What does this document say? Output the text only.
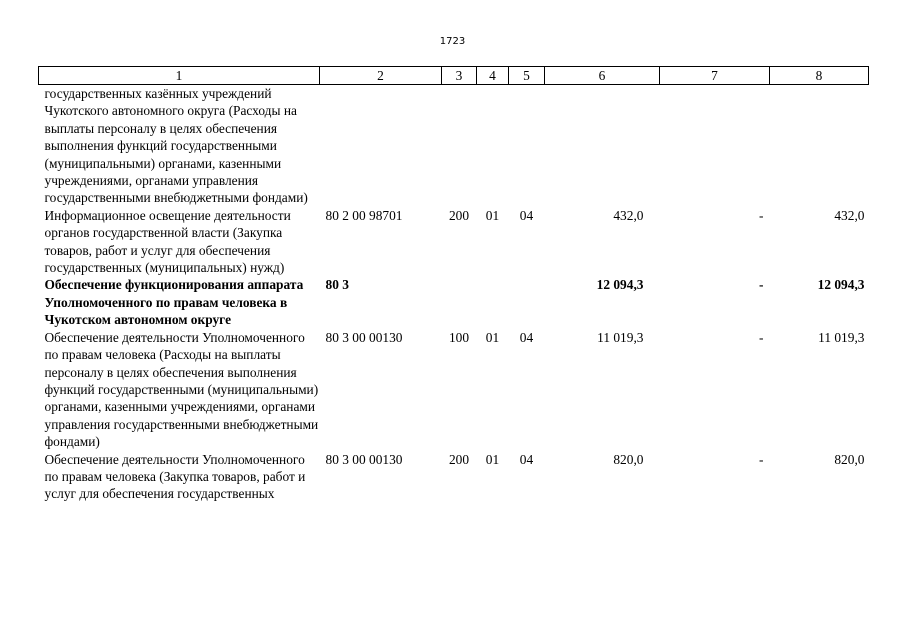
1723
1	2	3	4	5	6	7	8
государственных казённых учреждений Чукотского автономного округа (Расходы на выплаты персоналу в целях обеспечения выполнения функций государственными (муниципальными) органами, казенными учреждениями, органами управления государственными внебюджетными фондами)							
Информационное освещение деятельности органов государственной власти (Закупка товаров, работ и услуг для обеспечения государственных (муниципальных) нужд)	80 2 00 98701	200	01	04	432,0	-	432,0
Обеспечение функционирования аппарата Уполномоченного по правам человека в Чукотском автономном округе	80 3				12 094,3	-	12 094,3
Обеспечение деятельности Уполномоченного по правам человека (Расходы на выплаты персоналу в целях обеспечения выполнения функций государственными (муниципальными) органами, казенными учреждениями, органами управления государственными внебюджетными фондами)	80 3 00 00130	100	01	04	11 019,3	-	11 019,3
Обеспечение деятельности Уполномоченного по правам человека (Закупка товаров, работ и услуг для обеспечения государственных	80 3 00 00130	200	01	04	820,0	-	820,0
